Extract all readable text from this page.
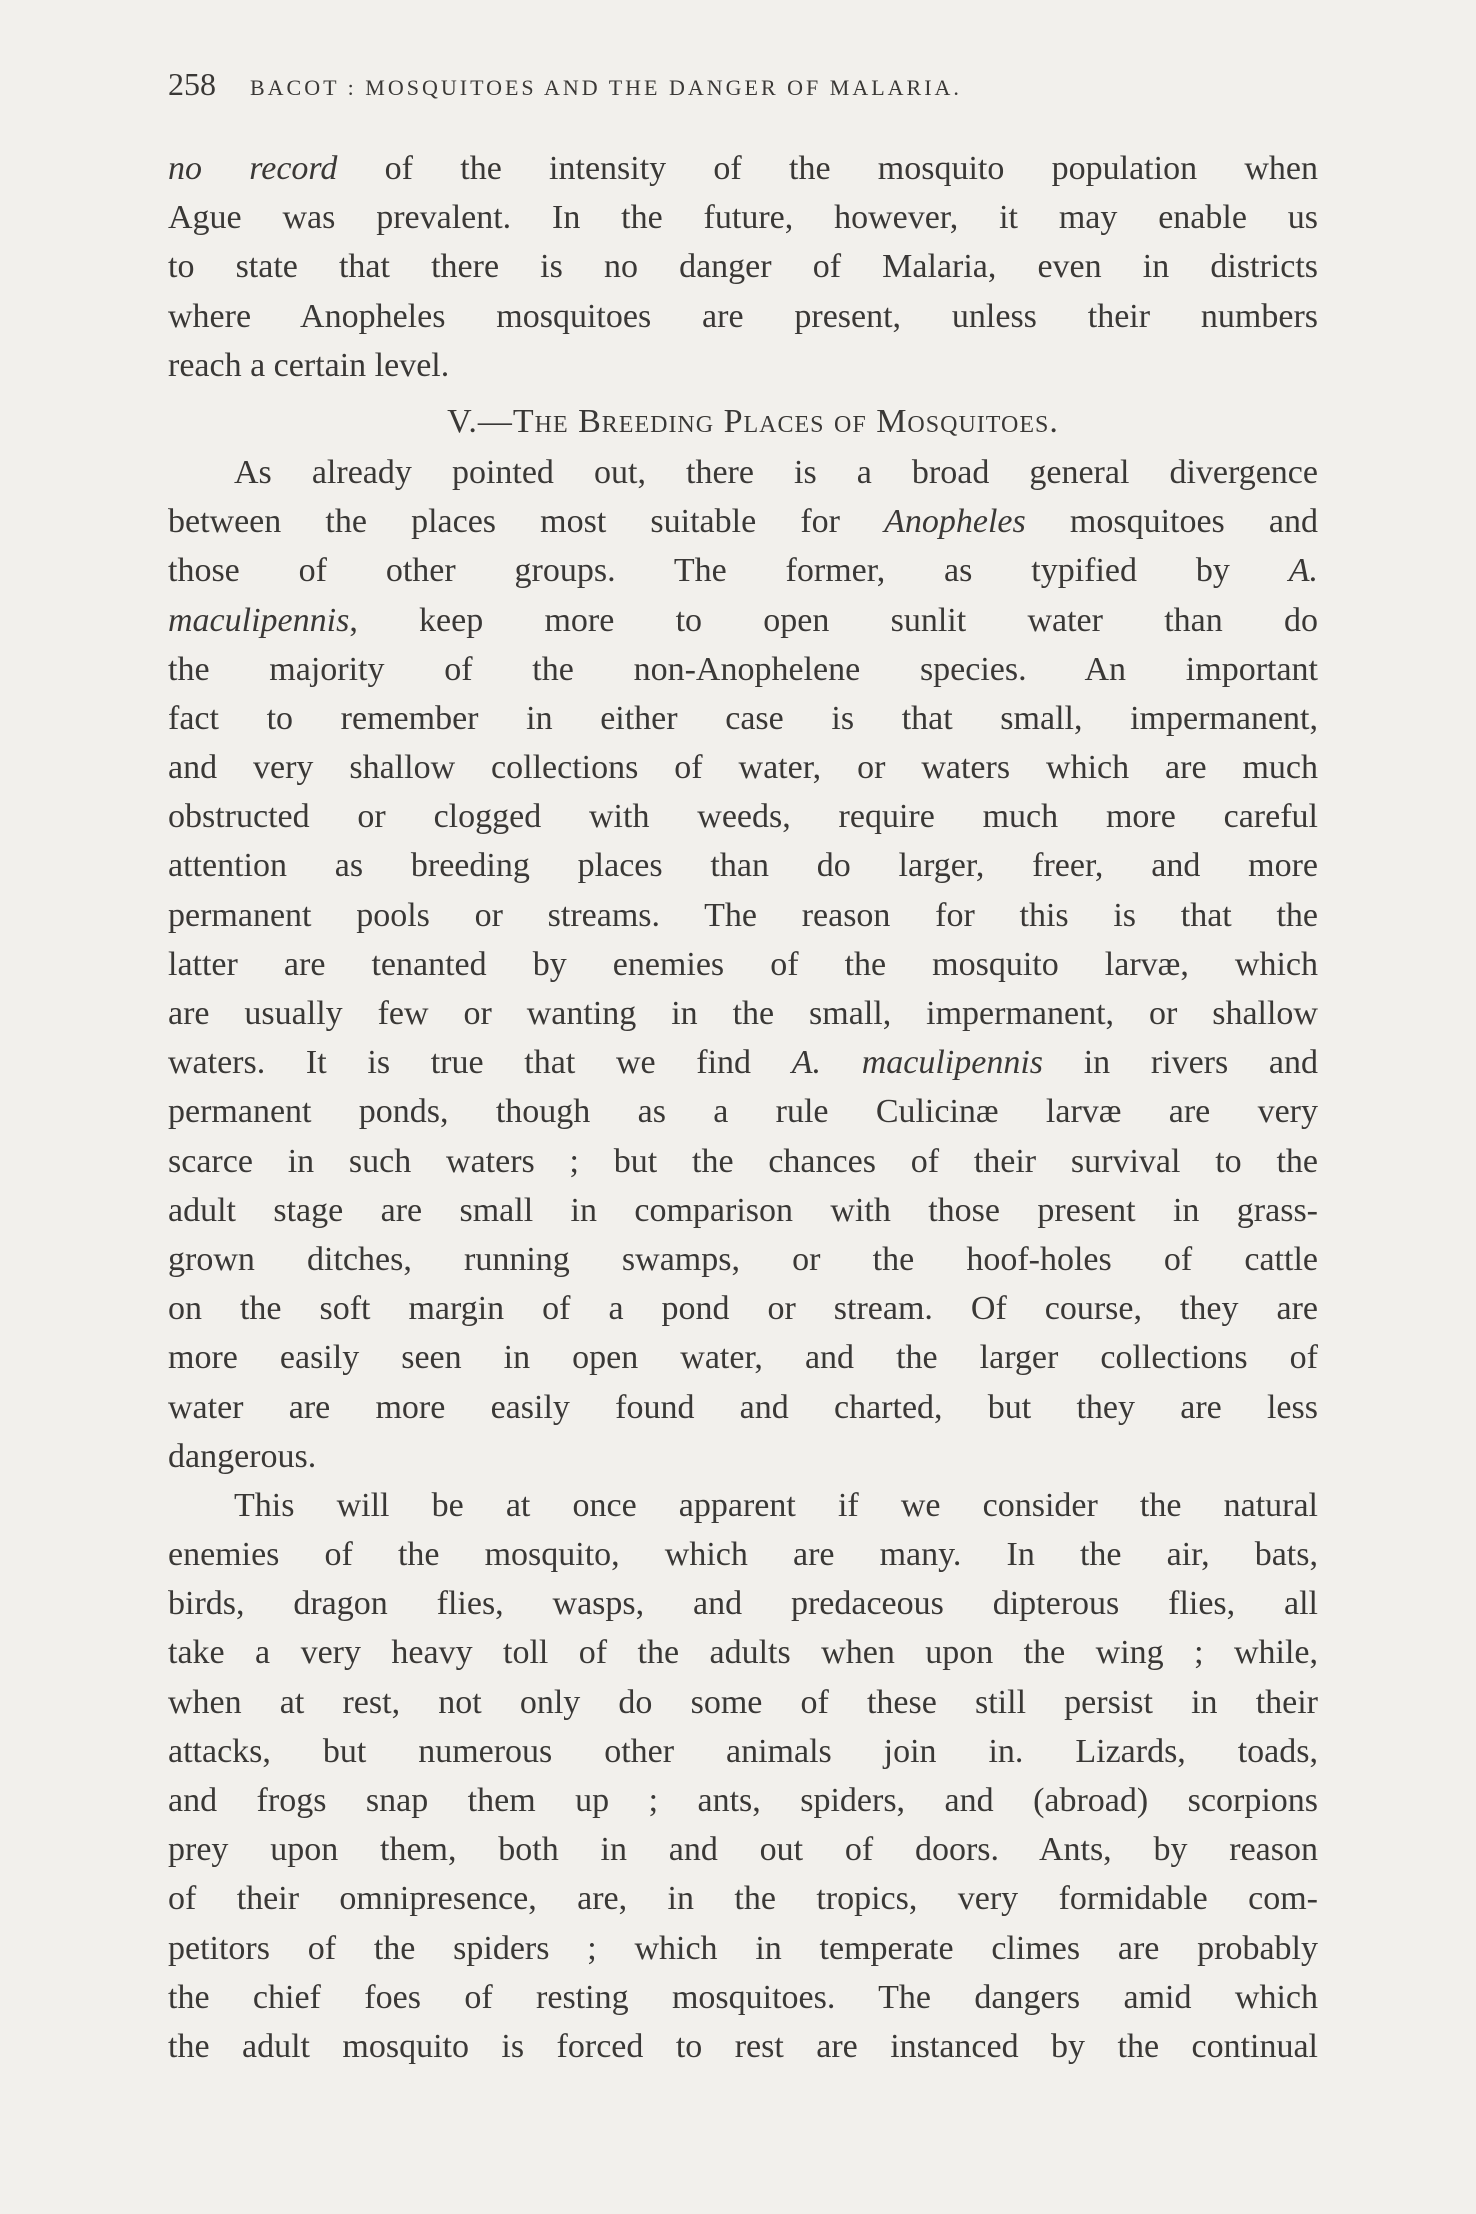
258 BACOT : MOSQUITOES AND THE DANGER OF MALARIA.
no record of the intensity of the mosquito population when
Ague was prevalent. In the future, however, it may enable us
to state that there is no danger of Malaria, even in districts
where Anopheles mosquitoes are present, unless their numbers
reach a certain level.
V.—The Breeding Places of Mosquitoes.
As already pointed out, there is a broad general divergence
between the places most suitable for Anopheles mosquitoes and
those of other groups. The former, as typified by A.
maculipennis, keep more to open sunlit water than do
the majority of the non-Anophelene species. An important
fact to remember in either case is that small, impermanent,
and very shallow collections of water, or waters which are much
obstructed or clogged with weeds, require much more careful
attention as breeding places than do larger, freer, and more
permanent pools or streams. The reason for this is that the
latter are tenanted by enemies of the mosquito larvæ, which
are usually few or wanting in the small, impermanent, or shallow
waters. It is true that we find A. maculipennis in rivers and
permanent ponds, though as a rule Culicinæ larvæ are very
scarce in such waters ; but the chances of their survival to the
adult stage are small in comparison with those present in grass-
grown ditches, running swamps, or the hoof-holes of cattle
on the soft margin of a pond or stream. Of course, they are
more easily seen in open water, and the larger collections of
water are more easily found and charted, but they are less
dangerous.
This will be at once apparent if we consider the natural
enemies of the mosquito, which are many. In the air, bats,
birds, dragon flies, wasps, and predaceous dipterous flies, all
take a very heavy toll of the adults when upon the wing ; while,
when at rest, not only do some of these still persist in their
attacks, but numerous other animals join in. Lizards, toads,
and frogs snap them up ; ants, spiders, and (abroad) scorpions
prey upon them, both in and out of doors. Ants, by reason
of their omnipresence, are, in the tropics, very formidable com-
petitors of the spiders ; which in temperate climes are probably
the chief foes of resting mosquitoes. The dangers amid which
the adult mosquito is forced to rest are instanced by the continual
